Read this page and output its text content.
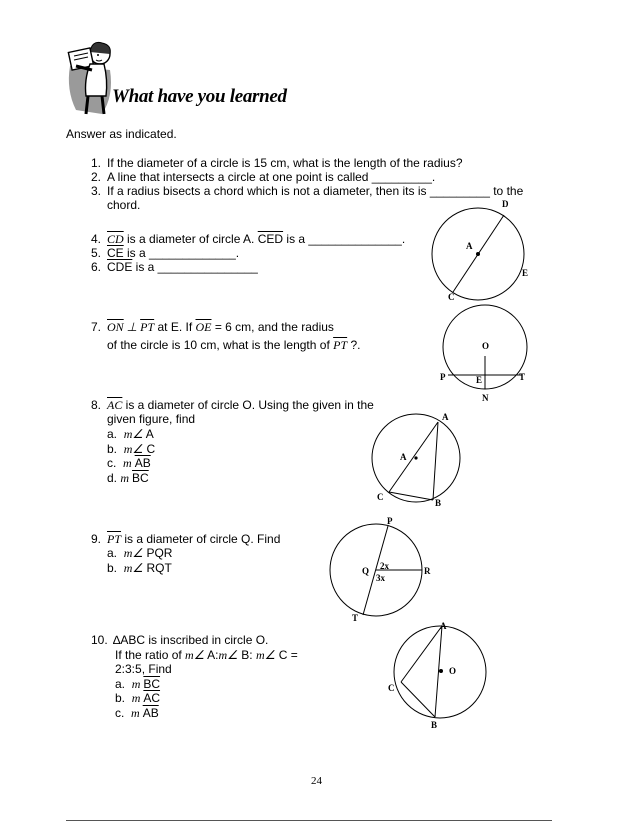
What have you learned
Answer as indicated.
1. If the diameter of a circle is 15 cm, what is the length of the radius?
2. A line that intersects a circle at one point is called _________.
3. If a radius bisects a chord which is not a diameter, then its is _________ to the
chord.
4. $\overline{CD}$ is a diameter of circle A. $\overline{CED}$ is a ______________.
5. $\overline{CE}$ is a _____________.
6. $\overline{CDE}$ is a _______________
D
A
E
C
7. $\overline{ON}$ ⊥ $\overline{PT}$ at E. If $\overline{OE} = 6$ cm, and the radius
of the circle is 10 cm, what is the length of $\overline{PT}$ ?.	O
P	E	T
N
8. $\overline{AC}$ is a diameter of circle O. Using the given in the
given figure, find
a. m∠ A
b. m∠ C
c. m $\overline{AB}$
d. m $\overline{BC}$
A
A
C
B
9. $\overline{PT}$ is a diameter of circle Q. Find
a. m∠ PQR
b. m∠ RQT
P
Q	R
T
2x
3x
10. ∆ABC is inscribed in circle O.
If the ratio of m∠ A:m∠ B: m∠ C =
2:3:5, Find
a. m $\overline{BC}$
b. m $\overline{AC}$
c. m $\overline{AB}$
A
O
C
B
24
